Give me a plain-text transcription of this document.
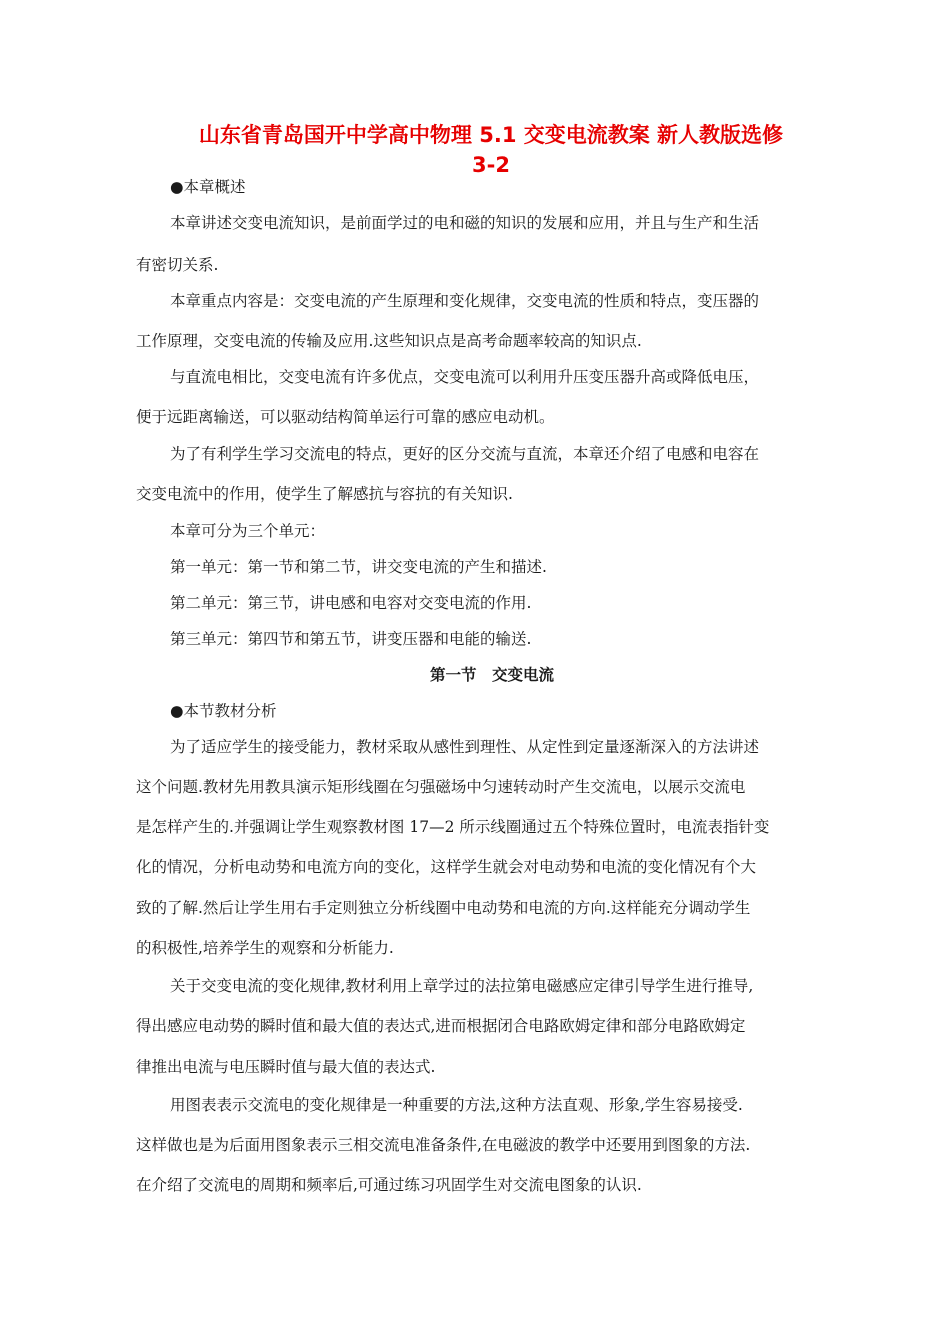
山东省青岛国开中学高中物理 5.1 交变电流教案 新人教版选修
3-2
●本章概述
本章讲述交变电流知识，是前面学过的电和磁的知识的发展和应用，并且与生产和生活
有密切关系.
本章重点内容是：交变电流的产生原理和变化规律，交变电流的性质和特点，变压器的
工作原理，交变电流的传输及应用.这些知识点是高考命题率较高的知识点.
与直流电相比，交变电流有许多优点，交变电流可以利用升压变压器升高或降低电压，
便于远距离输送，可以驱动结构简单运行可靠的感应电动机。
为了有利学生学习交流电的特点，更好的区分交流与直流，本章还介绍了电感和电容在
交变电流中的作用，使学生了解感抗与容抗的有关知识.
本章可分为三个单元：
第一单元：第一节和第二节，讲交变电流的产生和描述.
第二单元：第三节，讲电感和电容对交变电流的作用.
第三单元：第四节和第五节，讲变压器和电能的输送.
第一节　交变电流
●本节教材分析
为了适应学生的接受能力，教材采取从感性到理性、从定性到定量逐渐深入的方法讲述
这个问题.教材先用教具演示矩形线圈在匀强磁场中匀速转动时产生交流电，以展示交流电
是怎样产生的.并强调让学生观察教材图 17—2 所示线圈通过五个特殊位置时，电流表指针变
化的情况，分析电动势和电流方向的变化，这样学生就会对电动势和电流的变化情况有个大
致的了解.然后让学生用右手定则独立分析线圈中电动势和电流的方向.这样能充分调动学生
的积极性,培养学生的观察和分析能力.
关于交变电流的变化规律,教材利用上章学过的法拉第电磁感应定律引导学生进行推导,
得出感应电动势的瞬时值和最大值的表达式,进而根据闭合电路欧姆定律和部分电路欧姆定
律推出电流与电压瞬时值与最大值的表达式.
用图表表示交流电的变化规律是一种重要的方法,这种方法直观、形象,学生容易接受.
这样做也是为后面用图象表示三相交流电准备条件,在电磁波的教学中还要用到图象的方法.
在介绍了交流电的周期和频率后,可通过练习巩固学生对交流电图象的认识.
